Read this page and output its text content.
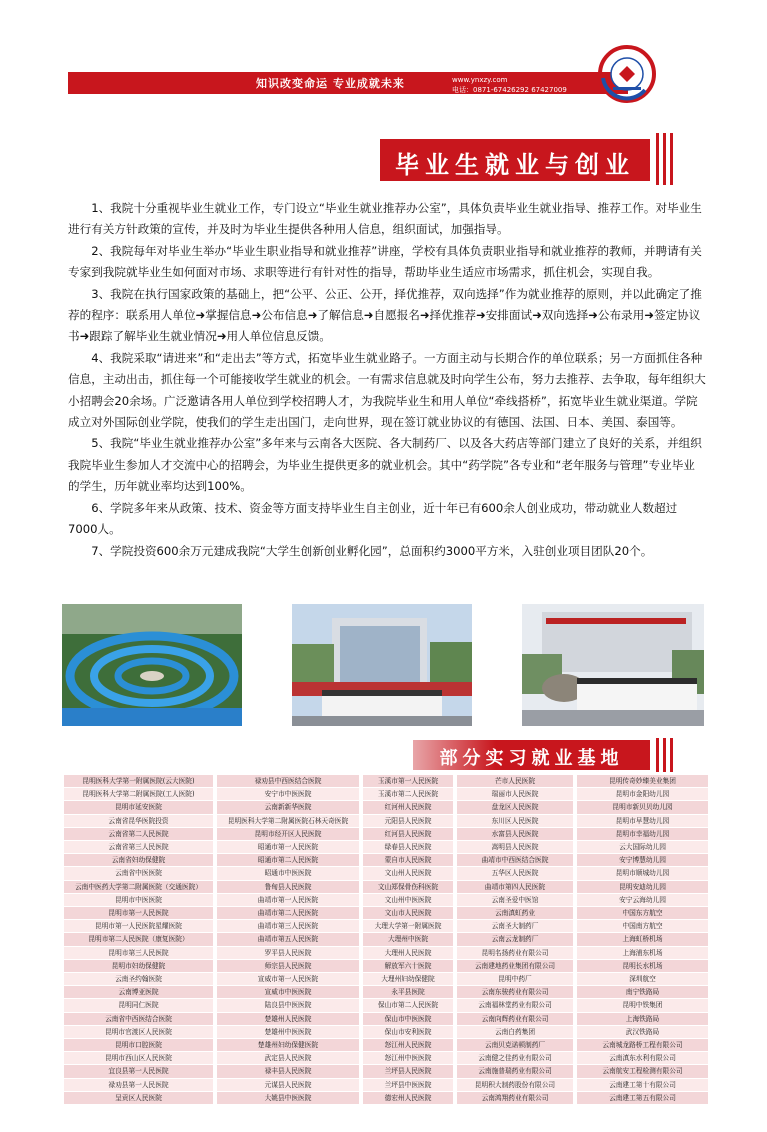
知识改变命运 专业成就未来	www.ynxzy.com
电话：0871-67426292 67427009
毕业生就业与创业

1、我院十分重视毕业生就业工作，专门设立“毕业生就业推荐办公室”，具体负责毕业生就业指导、推荐工作。对毕业生进行有关方针政策的宣传，并及时为毕业生提供各种用人信息，组织面试，加强指导。

2、我院每年对毕业生举办“毕业生职业指导和就业推荐”讲座，学校有具体负责职业指导和就业推荐的教师，并聘请有关专家到我院就毕业生如何面对市场、求职等进行有针对性的指导，帮助毕业生适应市场需求，抓住机会，实现自我。

3、我院在执行国家政策的基础上，把“公平、公正、公开，择优推荐，双向选择”作为就业推荐的原则，并以此确定了推荐的程序：联系用人单位➜掌握信息➜公布信息➜了解信息➜自愿报名➜择优推荐➜安排面试➜双向选择➜公布录用➜签定协议书➜跟踪了解毕业生就业情况➜用人单位信息反馈。

4、我院采取“请进来”和“走出去”等方式，拓宽毕业生就业路子。一方面主动与长期合作的单位联系；另一方面抓住各种信息，主动出击，抓住每一个可能接收学生就业的机会。一有需求信息就及时向学生公布，努力去推荐、去争取，每年组织大小招聘会20余场。广泛邀请各用人单位到学校招聘人才，为我院毕业生和用人单位“牵线搭桥”，拓宽毕业生就业渠道。学院成立对外国际创业学院，使我们的学生走出国门，走向世界，现在签订就业协议的有德国、法国、日本、美国、泰国等。

5、我院“毕业生就业推荐办公室”多年来与云南各大医院、各大制药厂、以及各大药店等部门建立了良好的关系，并组织我院毕业生参加人才交流中心的招聘会，为毕业生提供更多的就业机会。其中“药学院”各专业和“老年服务与管理”专业毕业的学生，历年就业率均达到100%。

6、学院多年来从政策、技术、资金等方面支持毕业生自主创业，近十年已有600余人创业成功，带动就业人数超过7000人。

7、学院投资600余万元建成我院“大学生创新创业孵化园”，总面积约3000平方米，入驻创业项目团队20个。

部分实习就业基地
昆明医科大学第一附属医院(云大医院)		禄劝县中西医结合医院		玉溪市第一人民医院		芒市人民医院		昆明传奇妙臻美业集团
昆明医科大学第二附属医院(工人医院)		安宁市中医医院		玉溪市第二人民医院		瑞丽市人民医院		昆明市金阳幼儿园
昆明市延安医院		云南新新华医院		红河州人民医院		盘龙区人民医院		昆明市新贝贝幼儿园
云南省昆华医院投资		昆明医科大学第二附属医院石林天奇医院		元阳县人民医院		东川区人民医院		昆明市早慧幼儿园
云南省第二人民医院		昆明市经开区人民医院		红河县人民医院		水富县人民医院		昆明市幸福幼儿园
云南省第三人民医院		昭通市第一人民医院		绿春县人民医院		嵩明县人民医院		云大国际幼儿园
云南省妇幼保健院		昭通市第二人民医院		蒙自市人民医院		曲靖市中西医结合医院		安宁博慧幼儿园
云南省中医医院		昭通市中医医院		文山州人民医院		五华区人民医院		昆明市顺城幼儿园
云南中医药大学第二附属医院（交通医院）		鲁甸县人民医院		文山郑保骨伤科医院		曲靖市第四人民医院		昆明安迪幼儿园
昆明市中医医院		曲靖市第一人民医院		文山州中医医院		云南圣爱中医馆		安宁云海幼儿园
昆明市第一人民医院		曲靖市第二人民医院		文山市人民医院		云南滇虹药业		中国东方航空
昆明市第一人民医院星耀医院		曲靖市第三人民医院		大理大学第一附属医院		云南圣大制药厂		中国南方航空
昆明市第二人民医院（康复医院）		曲靖市第五人民医院		大理州中医院		云南云龙制药厂		上海虹桥机场
昆明市第三人民医院		罗平县人民医院		大理州人民医院		昆明名扬药业有限公司		上海浦东机场
昆明市妇幼保健院		师宗县人民医院		解放军六十医院		云南建地药业集团有限公司		昆明长水机场
云南圣约翰医院		宣威市第一人民医院		大理州妇幼保健院		昆明中药厂		深圳航空
云南博亚医院		宣威市中医医院		永平县医院		云南东骏药业有限公司		南宁铁路局
昆明同仁医院		陆良县中医医院		保山市第二人民医院		云南福林堂药业有限公司		昆明中铁集团
云南省中西医结合医院		楚雄州人民医院		保山市中医医院		云南向辉药业有限公司		上海铁路局
昆明市官渡区人民医院		楚雄州中医医院		保山市安利医院		云南白药集团		武汉铁路局
昆明市口腔医院		楚雄州妇幼保健医院		怒江州人民医院		云南贝克诺顿制药厂		云南城龙路桥工程有限公司
昆明市西山区人民医院		武定县人民医院		怒江州中医医院		云南健之佳药业有限公司		云南滇东水利有限公司
宜良县第一人民医院		禄丰县人民医院		兰坪县人民医院		云南施普瑞药业有限公司		云南航安工程检测有限公司
禄劝县第一人民医院		元谋县人民医院		兰坪县中医医院		昆明积大制药股份有限公司		云南建工第十有限公司
呈贡区人民医院		大姚县中医医院		德宏州人民医院		云南鸿翔药业有限公司		云南建工第五有限公司
